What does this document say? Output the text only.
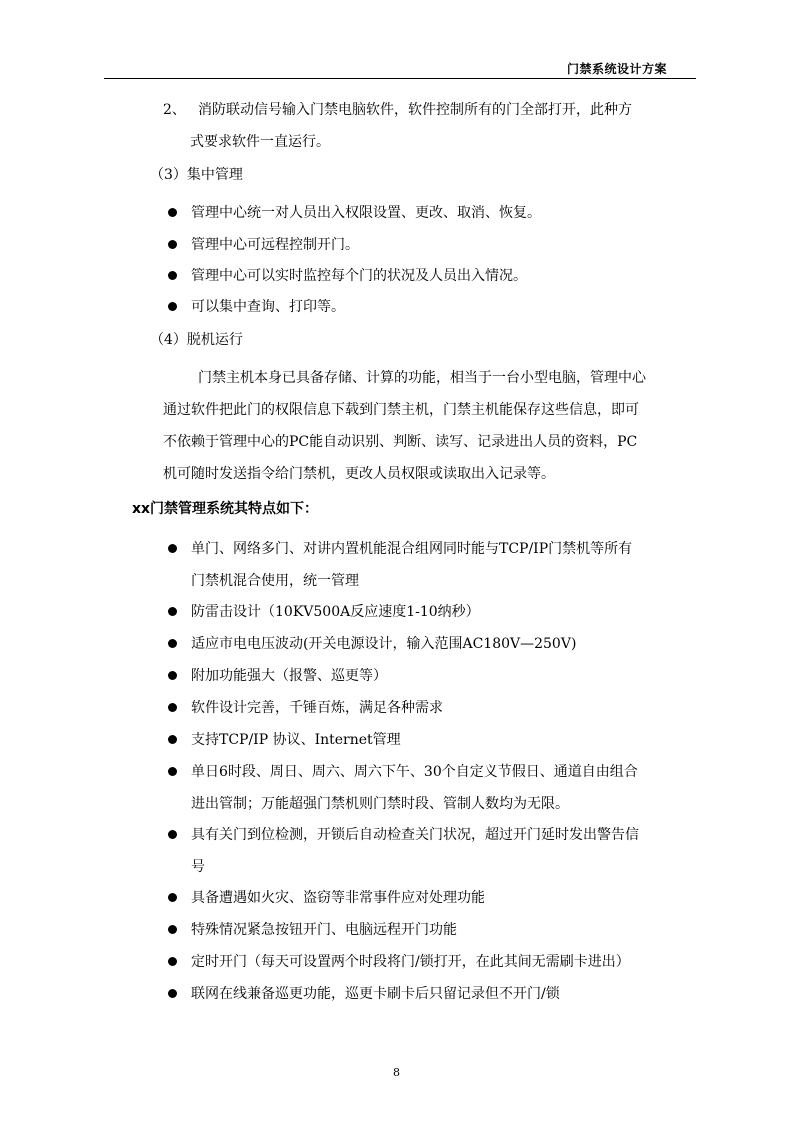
门禁系统设计方案
2、 消防联动信号输入门禁电脑软件，软件控制所有的门全部打开，此种方
式要求软件一直运行。
（3）集中管理
管理中心统一对人员出入权限设置、更改、取消、恢复。
管理中心可远程控制开门。
管理中心可以实时监控每个门的状况及人员出入情况。
可以集中查询、打印等。
（4）脱机运行
门禁主机本身已具备存储、计算的功能，相当于一台小型电脑，管理中心
通过软件把此门的权限信息下载到门禁主机，门禁主机能保存这些信息，即可
不依赖于管理中心的PC能自动识别、判断、读写、记录进出人员的资料，PC
机可随时发送指令给门禁机，更改人员权限或读取出入记录等。
xx门禁管理系统其特点如下：
单门、网络多门、对讲内置机能混合组网同时能与TCP/IP门禁机等所有
门禁机混合使用，统一管理
防雷击设计（10KV500A反应速度1-10纳秒）
适应市电电压波动(开关电源设计，输入范围AC180V—250V)
附加功能强大（报警、巡更等）
软件设计完善，千锤百炼，满足各种需求
支持TCP/IP 协议、Internet管理
单日6时段、周日、周六、周六下午、30个自定义节假日、通道自由组合
进出管制；万能超强门禁机则门禁时段、管制人数均为无限。
具有关门到位检测，开锁后自动检查关门状况，超过开门延时发出警告信
号
具备遭遇如火灾、盗窃等非常事件应对处理功能
特殊情况紧急按钮开门、电脑远程开门功能
定时开门（每天可设置两个时段将门/锁打开，在此其间无需刷卡进出）
联网在线兼备巡更功能，巡更卡刷卡后只留记录但不开门/锁
8
